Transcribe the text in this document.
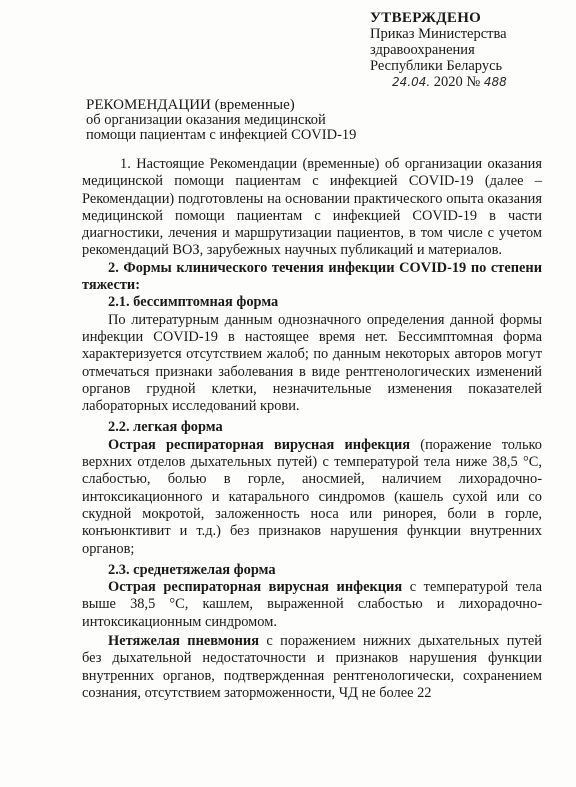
УТВЕРЖДЕНО
Приказ Министерства
здравоохранения
Республики Беларусь
24.04. 2020 № 488
РЕКОМЕНДАЦИИ (временные)
об организации оказания медицинской
помощи пациентам с инфекцией COVID-19

1. Настоящие Рекомендации (временные) об организации оказания медицинской помощи пациентам с инфекцией COVID-19 (далее – Рекомендации) подготовлены на основании практического опыта оказания медицинской помощи пациентам с инфекцией COVID-19 в части диагностики, лечения и маршрутизации пациентов, в том числе с учетом рекомендаций ВОЗ, зарубежных научных публикаций и материалов.

2. Формы клинического течения инфекции COVID-19 по степени тяжести:

2.1. бессимптомная форма

По литературным данным однозначного определения данной формы инфекции COVID-19 в настоящее время нет. Бессимптомная форма характеризуется отсутствием жалоб; по данным некоторых авторов могут отмечаться признаки заболевания в виде рентгенологических изменений органов грудной клетки, незначительные изменения показателей лабораторных исследований крови.

2.2. легкая форма

Острая респираторная вирусная инфекция (поражение только верхних отделов дыхательных путей) с температурой тела ниже 38,5 °С, слабостью, болью в горле, аносмией, наличием лихорадочно-интоксикационного и катарального синдромов (кашель сухой или со скудной мокротой, заложенность носа или ринорея, боли в горле, конъюнктивит и т.д.) без признаков нарушения функции внутренних органов;

2.3. среднетяжелая форма

Острая респираторная вирусная инфекция с температурой тела выше 38,5 °С, кашлем, выраженной слабостью и лихорадочно-интоксикационным синдромом.

Нетяжелая пневмония с поражением нижних дыхательных путей без дыхательной недостаточности и признаков нарушения функции внутренних органов, подтвержденная рентгенологически, сохранением сознания, отсутствием заторможенности, ЧД не более 22
